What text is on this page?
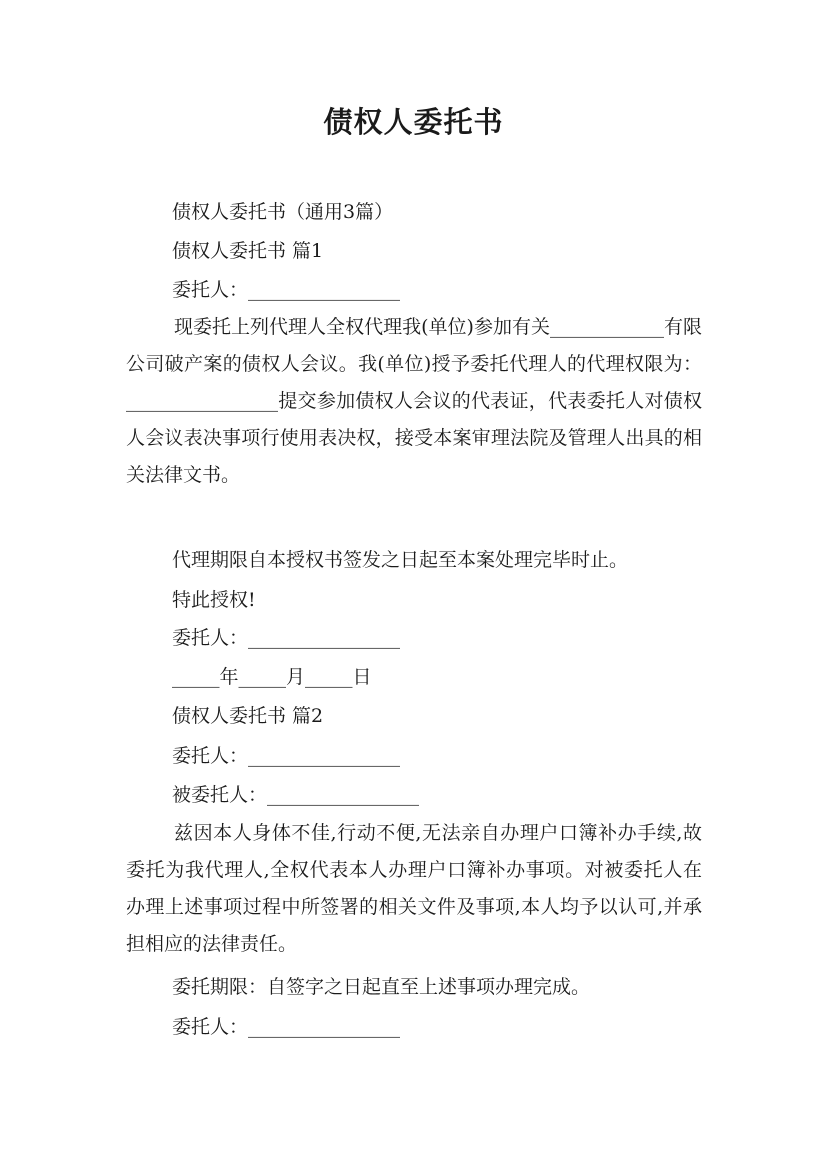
债权人委托书

债权人委托书（通用3篇）

债权人委托书 篇1

委托人：________________

现委托上列代理人全权代理我(单位)参加有关____________有限公司破产案的债权人会议。我(单位)授予委托代理人的代理权限为：________________提交参加债权人会议的代表证，代表委托人对债权人会议表决事项行使用表决权，接受本案审理法院及管理人出具的相关法律文书。

代理期限自本授权书签发之日起至本案处理完毕时止。

特此授权!

委托人：________________

_____年_____月_____日

债权人委托书 篇2

委托人：________________

被委托人：________________

兹因本人身体不佳,行动不便,无法亲自办理户口簿补办手续,故委托为我代理人,全权代表本人办理户口簿补办事项。对被委托人在办理上述事项过程中所签署的相关文件及事项,本人均予以认可,并承担相应的法律责任。

委托期限：自签字之日起直至上述事项办理完成。

委托人：________________
